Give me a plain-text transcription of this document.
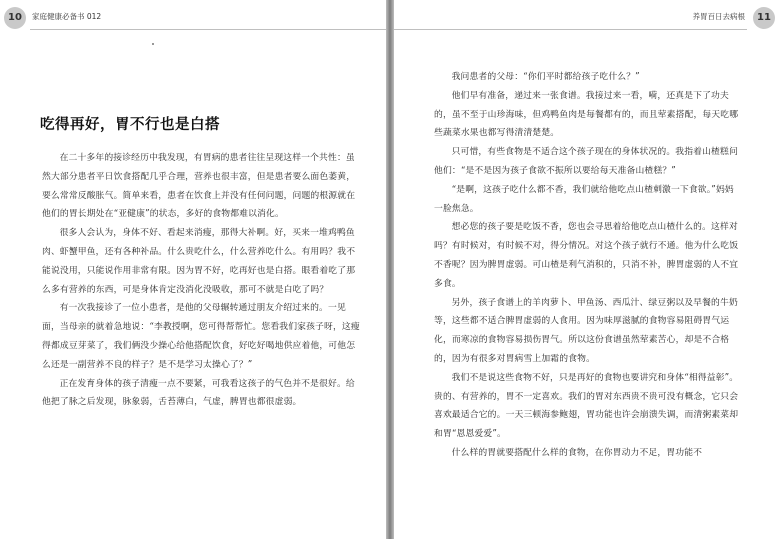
10	家庭健康必备书 012
吃得再好，胃不行也是白搭

在二十多年的接诊经历中我发现，有胃病的患者往往呈现这样一个共性：虽然大部分患者平日饮食搭配几乎合理，营养也很丰富，但是患者要么面色萎黄，要么常常反酸胀气。简单来看，患者在饮食上并没有任何问题，问题的根源就在他们的胃长期处在“亚健康”的状态，多好的食物都难以消化。

很多人会认为，身体不好、看起来消瘦，那得大补啊。好，买来一堆鸡鸭鱼肉、虾蟹甲鱼，还有各种补品。什么贵吃什么，什么营养吃什么。有用吗？我不能说没用，只能说作用非常有限。因为胃不好，吃再好也是白搭。眼看着吃了那么多有营养的东西，可是身体肯定没消化没吸收，那可不就是白吃了吗？

有一次我接诊了一位小患者，是他的父母辗转通过朋友介绍过来的。一见面，当母亲的就着急地说：“李教授啊，您可得帮帮忙。您看我们家孩子呀，这瘦得都成豆芽菜了，我们俩没少操心给他搭配饮食，好吃好喝地供应着他，可他怎么还是一副营养不良的样子？是不是学习太操心了？”

正在发育身体的孩子清瘦一点不要紧，可我看这孩子的气色并不是很好。给他把了脉之后发现，脉象弱，舌苔薄白，气虚，脾胃也都很虚弱。

养胃百日去病根	11

我问患者的父母：“你们平时都给孩子吃什么？”

他们早有准备，递过来一张食谱。我接过来一看，嗬，还真是下了功夫的，虽不至于山珍海味，但鸡鸭鱼肉是每餐都有的，而且荤素搭配，每天吃哪些蔬菜水果也都写得清清楚楚。

只可惜，有些食物是不适合这个孩子现在的身体状况的。我指着山楂糕问他们：“是不是因为孩子食欲不振所以要给每天准备山楂糕？”

“是啊，这孩子吃什么都不香，我们就给他吃点山楂刺激一下食欲。”妈妈一脸焦急。

想必您的孩子要是吃饭不香，您也会寻思着给他吃点山楂什么的。这样对吗？有时候对，有时候不对，得分情况。对这个孩子就行不通。他为什么吃饭不香呢？因为脾胃虚弱。可山楂是利气消积的，只消不补，脾胃虚弱的人不宜多食。

另外，孩子食谱上的羊肉萝卜、甲鱼汤、西瓜汁、绿豆粥以及早餐的牛奶等，这些都不适合脾胃虚弱的人食用。因为味厚滋腻的食物容易阻碍胃气运化，而寒凉的食物容易损伤胃气。所以这份食谱虽然荤素苦心，却是不合格的，因为有很多对胃病雪上加霜的食物。

我们不是说这些食物不好，只是再好的食物也要讲究和身体“相得益彰”。贵的、有营养的，胃不一定喜欢。我们的胃对东西贵不贵可没有概念，它只会喜欢最适合它的。一天三顿海参鲍翅，胃功能也许会崩溃失调，而清粥素菜却和胃“恩恩爱爱”。

什么样的胃就要搭配什么样的食物，在你胃动力不足，胃功能不
